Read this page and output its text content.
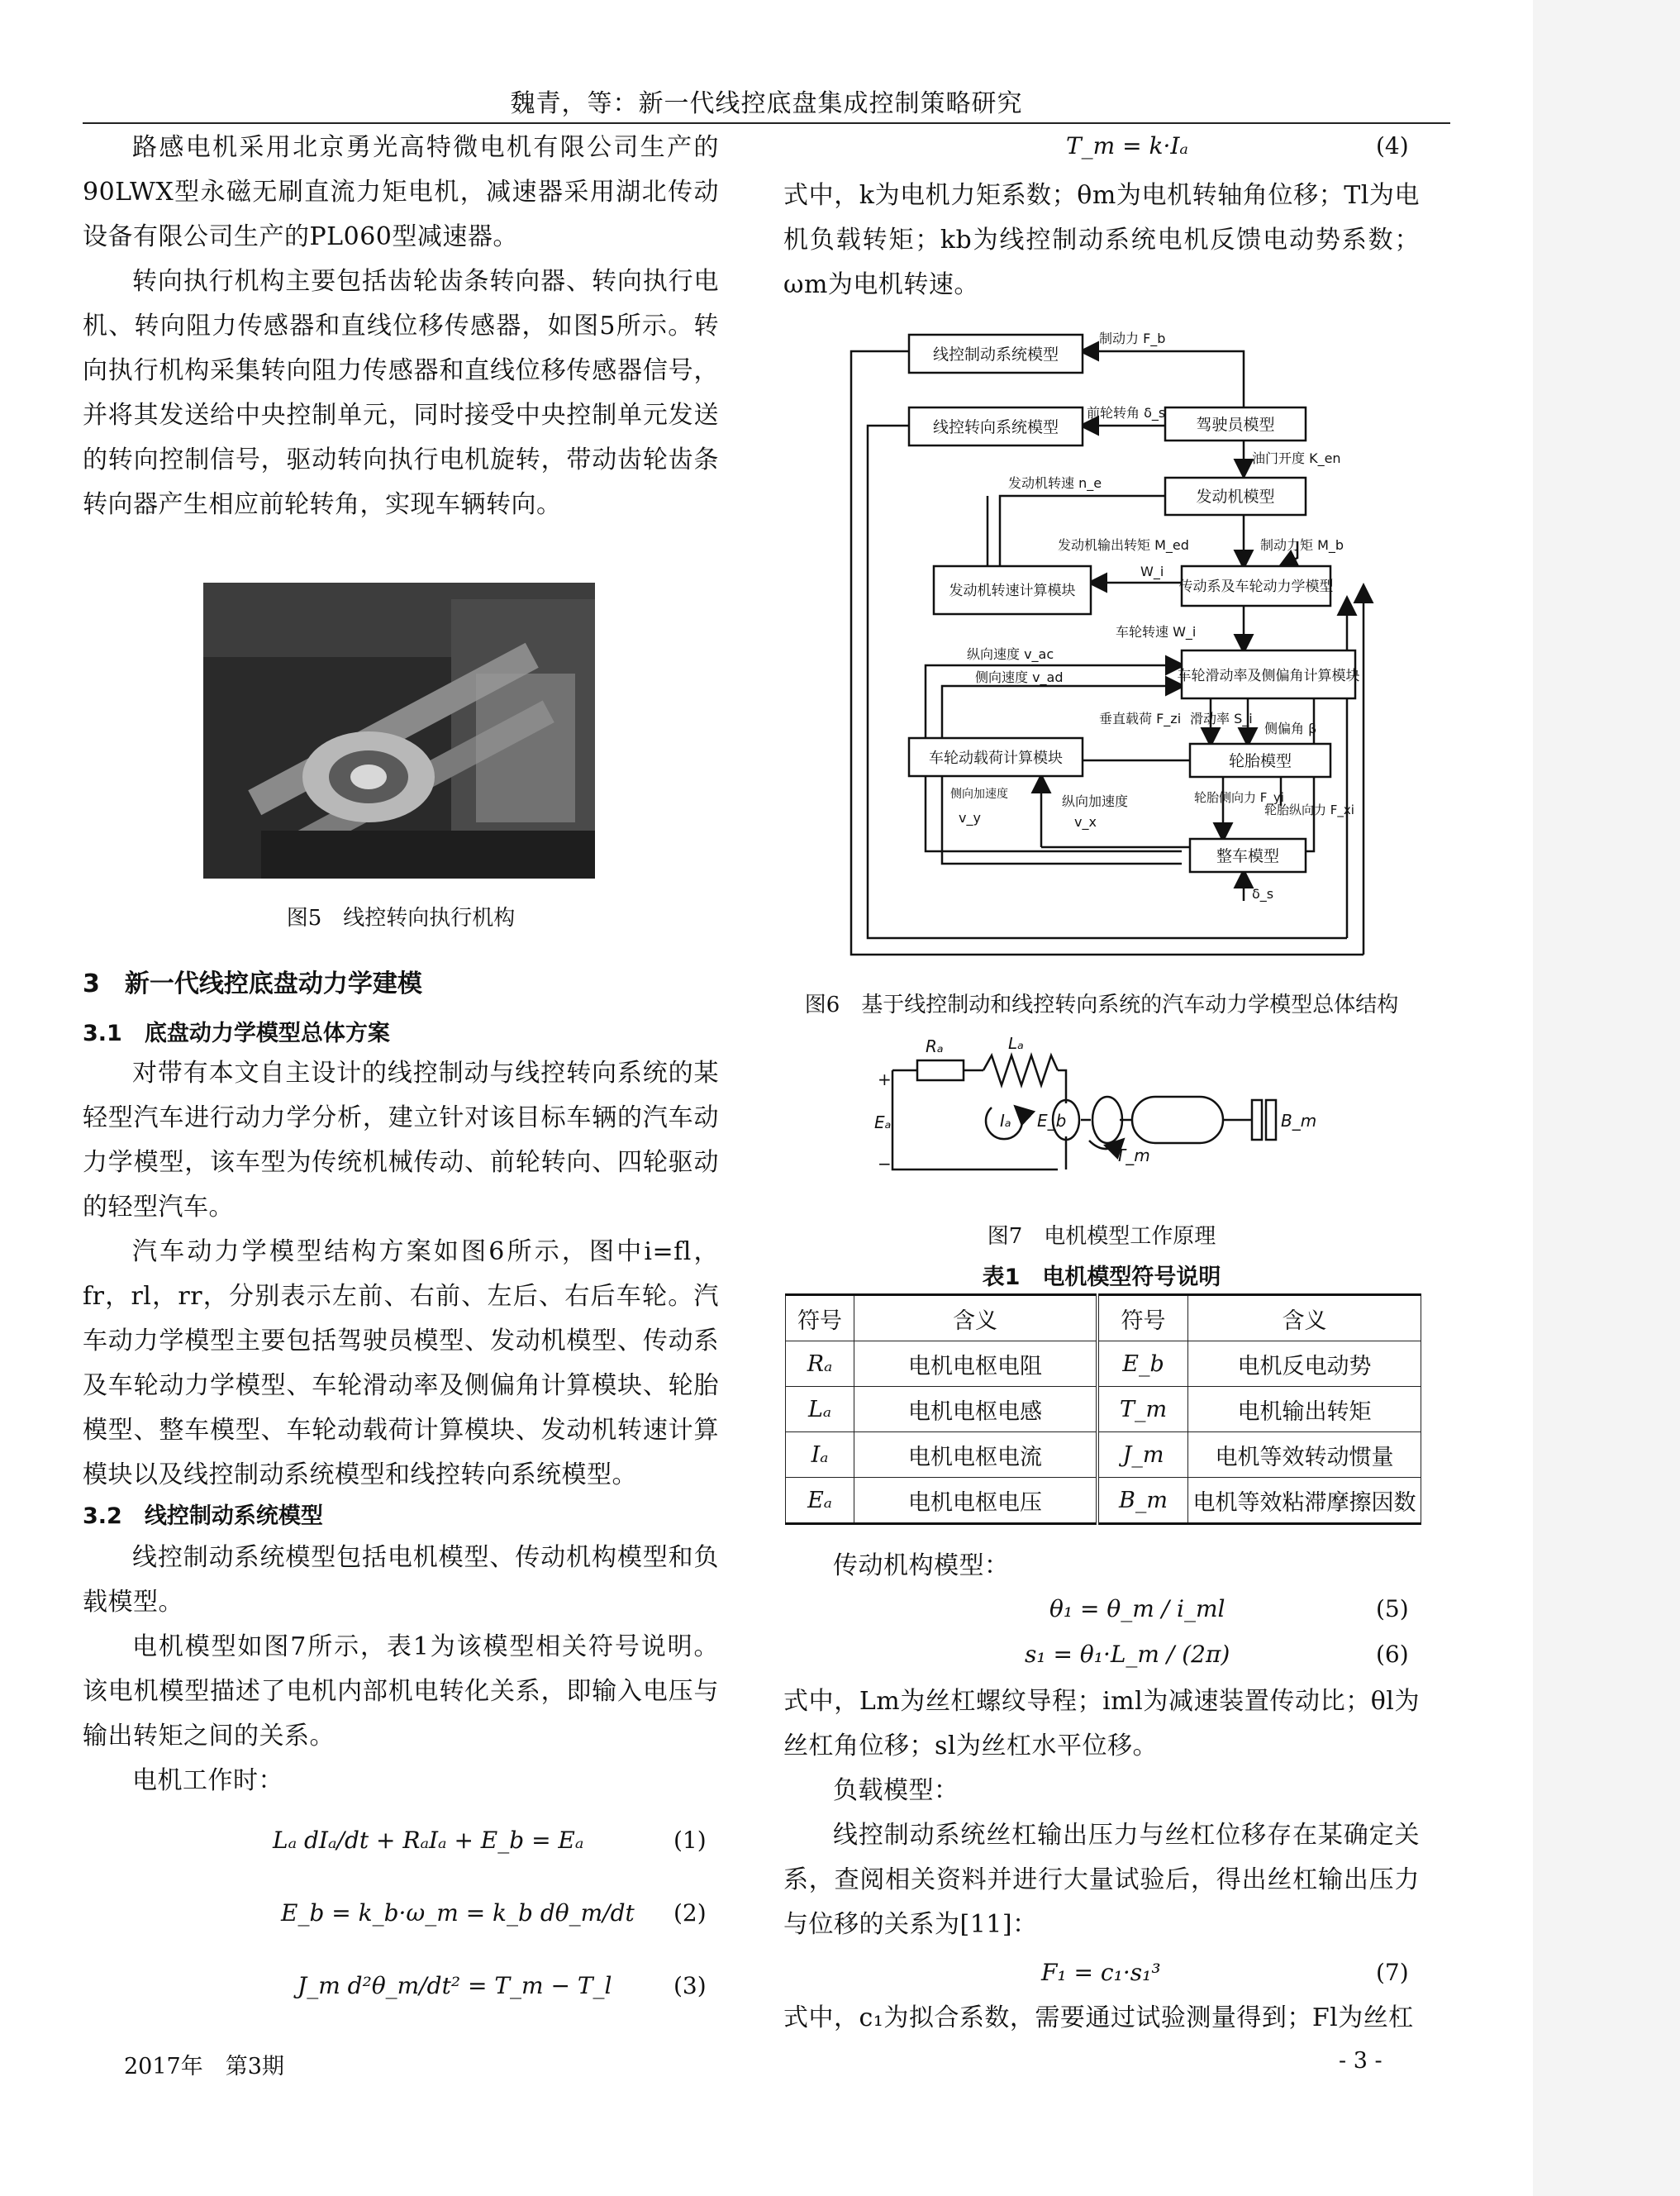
魏青，等：新一代线控底盘集成控制策略研究

路感电机采用北京勇光高特微电机有限公司生产的90LWX型永磁无刷直流力矩电机，减速器采用湖北传动设备有限公司生产的PL060型减速器。

转向执行机构主要包括齿轮齿条转向器、转向执行电机、转向阻力传感器和直线位移传感器，如图5所示。转向执行机构采集转向阻力传感器和直线位移传感器信号，并将其发送给中央控制单元，同时接受中央控制单元发送的转向控制信号，驱动转向执行电机旋转，带动齿轮齿条转向器产生相应前轮转角，实现车辆转向。

图5　线控转向执行机构
3　新一代线控底盘动力学建模
3.1　底盘动力学模型总体方案

对带有本文自主设计的线控制动与线控转向系统的某轻型汽车进行动力学分析，建立针对该目标车辆的汽车动力学模型，该车型为传统机械传动、前轮转向、四轮驱动的轻型汽车。

汽车动力学模型结构方案如图6所示，图中i=fl，fr，rl，rr，分别表示左前、右前、左后、右后车轮。汽车动力学模型主要包括驾驶员模型、发动机模型、传动系及车轮动力学模型、车轮滑动率及侧偏角计算模块、轮胎模型、整车模型、车轮动载荷计算模块、发动机转速计算模块以及线控制动系统模型和线控转向系统模型。

3.2　线控制动系统模型

线控制动系统模型包括电机模型、传动机构模型和负载模型。

电机模型如图7所示，表1为该模型相关符号说明。该电机模型描述了电机内部机电转化关系，即输入电压与输出转矩之间的关系。

电机工作时：

Lₐ dIₐ/dt + RₐIₐ + E_b = Eₐ	(1)
E_b = k_b·ω_m = k_b dθ_m/dt (2)
J_m d²θ_m/dt² = T_m − T_l	(3)
T_m = k·Iₐ	(4)

式中，k为电机力矩系数；θm为电机转轴角位移；Tl为电机负载转矩；kb为线控制动系统电机反馈电动势系数；ωm为电机转速。

线控制动系统模型
线控转向系统模型	驾驶员模型
发动机模型
发动机转速计算模块	传动系及车轮动力学模型
车轮滑动率及侧偏角计算模块
车轮动载荷计算模块	轮胎模型
整车模型
制动力 F_b
前轮转角 δ_s
油门开度 K_en
发动机转速 n_e
发动机输出转矩 M_ed	制动力矩 M_b
W_i
车轮转速 W_i
纵向速度 v_ac
侧向速度 v_ad
垂直载荷 F_zi 滑动率 S_i
侧偏角 β
侧向加速度
v_y
纵向加速度
v_x
轮胎侧向力 F_yi
轮胎纵向力 F_xi
δ_s
图6　基于线控制动和线控转向系统的汽车动力学模型总体结构
Rₐ	Lₐ
Eₐ	Iₐ E_b
T_m
B_m
+
−
图7　电机模型工作原理
表1　电机模型符号说明
符号	含义	符号	含义
Rₐ	电机电枢电阻	E_b	电机反电动势
Lₐ	电机电枢电感	T_m	电机输出转矩
Iₐ	电机电枢电流	J_m	电机等效转动惯量
Eₐ	电机电枢电压	B_m	电机等效粘滞摩擦因数

传动机构模型：

θ₁ = θ_m / i_ml	(5)
s₁ = θ₁·L_m / (2π)	(6)

式中，Lm为丝杠螺纹导程；iml为减速装置传动比；θl为丝杠角位移；sl为丝杠水平位移。

负载模型：

线控制动系统丝杠输出压力与丝杠位移存在某确定关系，查阅相关资料并进行大量试验后，得出丝杠输出压力与位移的关系为[11]：

F₁ = c₁·s₁³	(7)

式中，c₁为拟合系数，需要通过试验测量得到；Fl为丝杠

2017年　第3期	- 3 -
